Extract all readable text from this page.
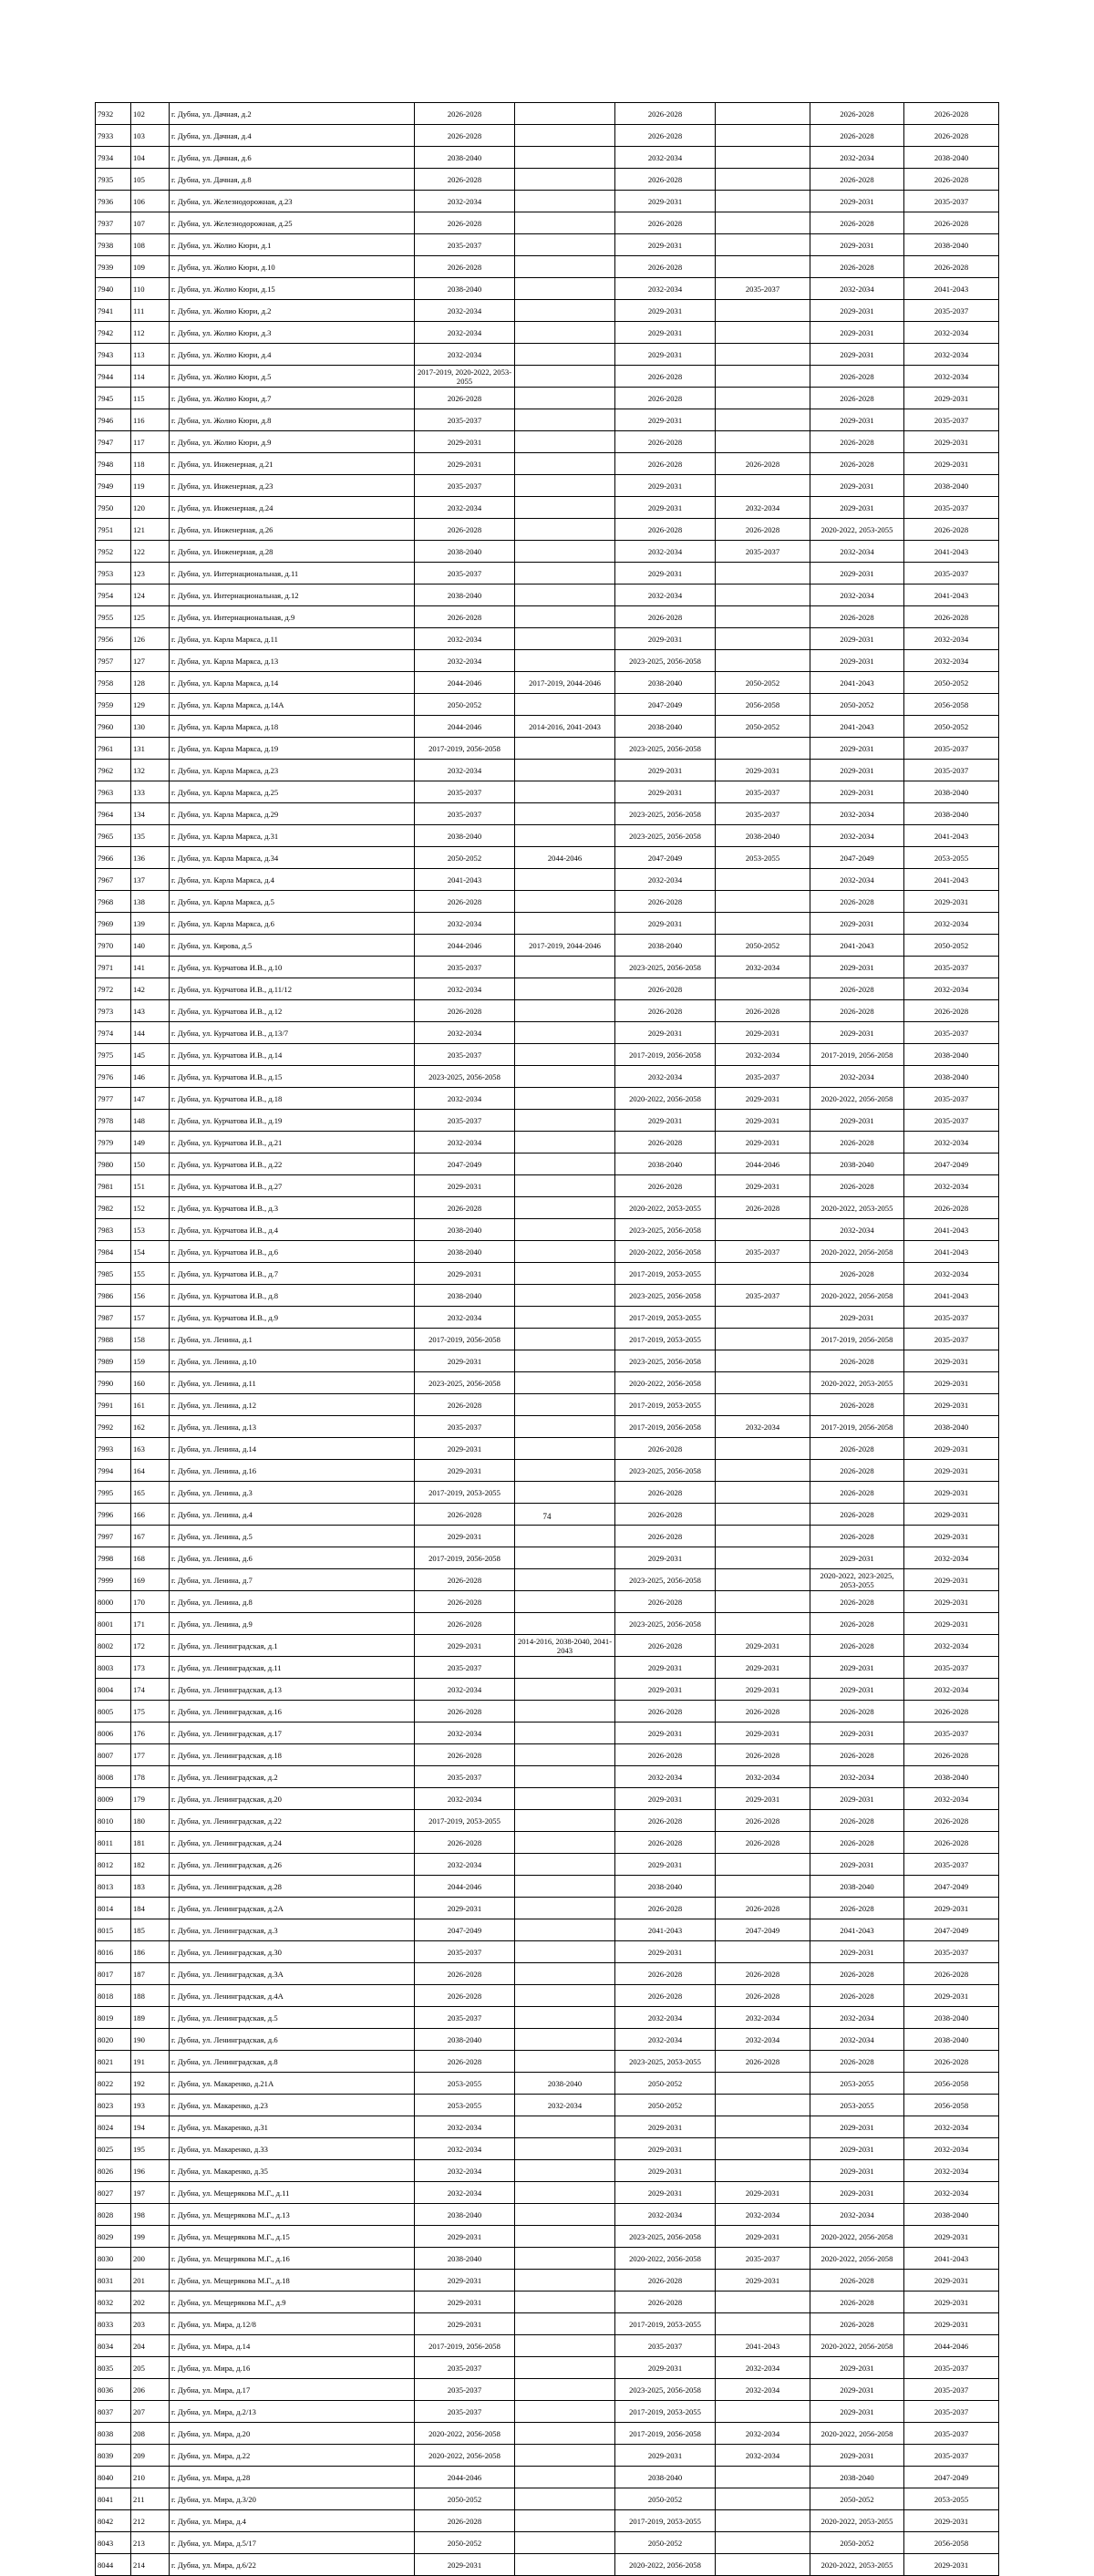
7932	102	г. Дубна, ул. Дачная, д.2	2026-2028		2026-2028		2026-2028	2026-2028
7933	103	г. Дубна, ул. Дачная, д.4	2026-2028		2026-2028		2026-2028	2026-2028
7934	104	г. Дубна, ул. Дачная, д.6	2038-2040		2032-2034		2032-2034	2038-2040
7935	105	г. Дубна, ул. Дачная, д.8	2026-2028		2026-2028		2026-2028	2026-2028
7936	106	г. Дубна, ул. Железнодорожная, д.23	2032-2034		2029-2031		2029-2031	2035-2037
7937	107	г. Дубна, ул. Железнодорожная, д.25	2026-2028		2026-2028		2026-2028	2026-2028
7938	108	г. Дубна, ул. Жолио Кюри, д.1	2035-2037		2029-2031		2029-2031	2038-2040
7939	109	г. Дубна, ул. Жолио Кюри, д.10	2026-2028		2026-2028		2026-2028	2026-2028
7940	110	г. Дубна, ул. Жолио Кюри, д.15	2038-2040		2032-2034	2035-2037	2032-2034	2041-2043
7941	111	г. Дубна, ул. Жолио Кюри, д.2	2032-2034		2029-2031		2029-2031	2035-2037
7942	112	г. Дубна, ул. Жолио Кюри, д.3	2032-2034		2029-2031		2029-2031	2032-2034
7943	113	г. Дубна, ул. Жолио Кюри, д.4	2032-2034		2029-2031		2029-2031	2032-2034
7944	114	г. Дубна, ул. Жолио Кюри, д.5	2017-2019, 2020-2022, 2053-2055		2026-2028		2026-2028	2032-2034
7945	115	г. Дубна, ул. Жолио Кюри, д.7	2026-2028		2026-2028		2026-2028	2029-2031
7946	116	г. Дубна, ул. Жолио Кюри, д.8	2035-2037		2029-2031		2029-2031	2035-2037
7947	117	г. Дубна, ул. Жолио Кюри, д.9	2029-2031		2026-2028		2026-2028	2029-2031
7948	118	г. Дубна, ул. Инженерная, д.21	2029-2031		2026-2028	2026-2028	2026-2028	2029-2031
7949	119	г. Дубна, ул. Инженерная, д.23	2035-2037		2029-2031		2029-2031	2038-2040
7950	120	г. Дубна, ул. Инженерная, д.24	2032-2034		2029-2031	2032-2034	2029-2031	2035-2037
7951	121	г. Дубна, ул. Инженерная, д.26	2026-2028		2026-2028	2026-2028	2020-2022, 2053-2055	2026-2028
7952	122	г. Дубна, ул. Инженерная, д.28	2038-2040		2032-2034	2035-2037	2032-2034	2041-2043
7953	123	г. Дубна, ул. Интернациональная, д.11	2035-2037		2029-2031		2029-2031	2035-2037
7954	124	г. Дубна, ул. Интернациональная, д.12	2038-2040		2032-2034		2032-2034	2041-2043
7955	125	г. Дубна, ул. Интернациональная, д.9	2026-2028		2026-2028		2026-2028	2026-2028
7956	126	г. Дубна, ул. Карла Маркса, д.11	2032-2034		2029-2031		2029-2031	2032-2034
7957	127	г. Дубна, ул. Карла Маркса, д.13	2032-2034		2023-2025, 2056-2058		2029-2031	2032-2034
7958	128	г. Дубна, ул. Карла Маркса, д.14	2044-2046	2017-2019, 2044-2046	2038-2040	2050-2052	2041-2043	2050-2052
7959	129	г. Дубна, ул. Карла Маркса, д.14А	2050-2052		2047-2049	2056-2058	2050-2052	2056-2058
7960	130	г. Дубна, ул. Карла Маркса, д.18	2044-2046	2014-2016, 2041-2043	2038-2040	2050-2052	2041-2043	2050-2052
7961	131	г. Дубна, ул. Карла Маркса, д.19	2017-2019, 2056-2058		2023-2025, 2056-2058		2029-2031	2035-2037
7962	132	г. Дубна, ул. Карла Маркса, д.23	2032-2034		2029-2031	2029-2031	2029-2031	2035-2037
7963	133	г. Дубна, ул. Карла Маркса, д.25	2035-2037		2029-2031	2035-2037	2029-2031	2038-2040
7964	134	г. Дубна, ул. Карла Маркса, д.29	2035-2037		2023-2025, 2056-2058	2035-2037	2032-2034	2038-2040
7965	135	г. Дубна, ул. Карла Маркса, д.31	2038-2040		2023-2025, 2056-2058	2038-2040	2032-2034	2041-2043
7966	136	г. Дубна, ул. Карла Маркса, д.34	2050-2052	2044-2046	2047-2049	2053-2055	2047-2049	2053-2055
7967	137	г. Дубна, ул. Карла Маркса, д.4	2041-2043		2032-2034		2032-2034	2041-2043
7968	138	г. Дубна, ул. Карла Маркса, д.5	2026-2028		2026-2028		2026-2028	2029-2031
7969	139	г. Дубна, ул. Карла Маркса, д.6	2032-2034		2029-2031		2029-2031	2032-2034
7970	140	г. Дубна, ул. Кирова, д.5	2044-2046	2017-2019, 2044-2046	2038-2040	2050-2052	2041-2043	2050-2052
7971	141	г. Дубна, ул. Курчатова И.В., д.10	2035-2037		2023-2025, 2056-2058	2032-2034	2029-2031	2035-2037
7972	142	г. Дубна, ул. Курчатова И.В., д.11/12	2032-2034		2026-2028		2026-2028	2032-2034
7973	143	г. Дубна, ул. Курчатова И.В., д.12	2026-2028		2026-2028	2026-2028	2026-2028	2026-2028
7974	144	г. Дубна, ул. Курчатова И.В., д.13/7	2032-2034		2029-2031	2029-2031	2029-2031	2035-2037
7975	145	г. Дубна, ул. Курчатова И.В., д.14	2035-2037		2017-2019, 2056-2058	2032-2034	2017-2019, 2056-2058	2038-2040
7976	146	г. Дубна, ул. Курчатова И.В., д.15	2023-2025, 2056-2058		2032-2034	2035-2037	2032-2034	2038-2040
7977	147	г. Дубна, ул. Курчатова И.В., д.18	2032-2034		2020-2022, 2056-2058	2029-2031	2020-2022, 2056-2058	2035-2037
7978	148	г. Дубна, ул. Курчатова И.В., д.19	2035-2037		2029-2031	2029-2031	2029-2031	2035-2037
7979	149	г. Дубна, ул. Курчатова И.В., д.21	2032-2034		2026-2028	2029-2031	2026-2028	2032-2034
7980	150	г. Дубна, ул. Курчатова И.В., д.22	2047-2049		2038-2040	2044-2046	2038-2040	2047-2049
7981	151	г. Дубна, ул. Курчатова И.В., д.27	2029-2031		2026-2028	2029-2031	2026-2028	2032-2034
7982	152	г. Дубна, ул. Курчатова И.В., д.3	2026-2028		2020-2022, 2053-2055	2026-2028	2020-2022, 2053-2055	2026-2028
7983	153	г. Дубна, ул. Курчатова И.В., д.4	2038-2040		2023-2025, 2056-2058		2032-2034	2041-2043
7984	154	г. Дубна, ул. Курчатова И.В., д.6	2038-2040		2020-2022, 2056-2058	2035-2037	2020-2022, 2056-2058	2041-2043
7985	155	г. Дубна, ул. Курчатова И.В., д.7	2029-2031		2017-2019, 2053-2055		2026-2028	2032-2034
7986	156	г. Дубна, ул. Курчатова И.В., д.8	2038-2040		2023-2025, 2056-2058	2035-2037	2020-2022, 2056-2058	2041-2043
7987	157	г. Дубна, ул. Курчатова И.В., д.9	2032-2034		2017-2019, 2053-2055		2029-2031	2035-2037
7988	158	г. Дубна, ул. Ленина, д.1	2017-2019, 2056-2058		2017-2019, 2053-2055		2017-2019, 2056-2058	2035-2037
7989	159	г. Дубна, ул. Ленина, д.10	2029-2031		2023-2025, 2056-2058		2026-2028	2029-2031
7990	160	г. Дубна, ул. Ленина, д.11	2023-2025, 2056-2058		2020-2022, 2056-2058		2020-2022, 2053-2055	2029-2031
7991	161	г. Дубна, ул. Ленина, д.12	2026-2028		2017-2019, 2053-2055		2026-2028	2029-2031
7992	162	г. Дубна, ул. Ленина, д.13	2035-2037		2017-2019, 2056-2058	2032-2034	2017-2019, 2056-2058	2038-2040
7993	163	г. Дубна, ул. Ленина, д.14	2029-2031		2026-2028		2026-2028	2029-2031
7994	164	г. Дубна, ул. Ленина, д.16	2029-2031		2023-2025, 2056-2058		2026-2028	2029-2031
7995	165	г. Дубна, ул. Ленина, д.3	2017-2019, 2053-2055		2026-2028		2026-2028	2029-2031
7996	166	г. Дубна, ул. Ленина, д.4	2026-2028		2026-2028		2026-2028	2029-2031
7997	167	г. Дубна, ул. Ленина, д.5	2029-2031		2026-2028		2026-2028	2029-2031
7998	168	г. Дубна, ул. Ленина, д.6	2017-2019, 2056-2058		2029-2031		2029-2031	2032-2034
7999	169	г. Дубна, ул. Ленина, д.7	2026-2028		2023-2025, 2056-2058		2020-2022, 2023-2025, 2053-2055	2029-2031
8000	170	г. Дубна, ул. Ленина, д.8	2026-2028		2026-2028		2026-2028	2029-2031
8001	171	г. Дубна, ул. Ленина, д.9	2026-2028		2023-2025, 2056-2058		2026-2028	2029-2031
8002	172	г. Дубна, ул. Ленинградская, д.1	2029-2031	2014-2016, 2038-2040, 2041-2043	2026-2028	2029-2031	2026-2028	2032-2034
8003	173	г. Дубна, ул. Ленинградская, д.11	2035-2037		2029-2031	2029-2031	2029-2031	2035-2037
8004	174	г. Дубна, ул. Ленинградская, д.13	2032-2034		2029-2031	2029-2031	2029-2031	2032-2034
8005	175	г. Дубна, ул. Ленинградская, д.16	2026-2028		2026-2028	2026-2028	2026-2028	2026-2028
8006	176	г. Дубна, ул. Ленинградская, д.17	2032-2034		2029-2031	2029-2031	2029-2031	2035-2037
8007	177	г. Дубна, ул. Ленинградская, д.18	2026-2028		2026-2028	2026-2028	2026-2028	2026-2028
8008	178	г. Дубна, ул. Ленинградская, д.2	2035-2037		2032-2034	2032-2034	2032-2034	2038-2040
8009	179	г. Дубна, ул. Ленинградская, д.20	2032-2034		2029-2031	2029-2031	2029-2031	2032-2034
8010	180	г. Дубна, ул. Ленинградская, д.22	2017-2019, 2053-2055		2026-2028	2026-2028	2026-2028	2026-2028
8011	181	г. Дубна, ул. Ленинградская, д.24	2026-2028		2026-2028	2026-2028	2026-2028	2026-2028
8012	182	г. Дубна, ул. Ленинградская, д.26	2032-2034		2029-2031		2029-2031	2035-2037
8013	183	г. Дубна, ул. Ленинградская, д.28	2044-2046		2038-2040		2038-2040	2047-2049
8014	184	г. Дубна, ул. Ленинградская, д.2А	2029-2031		2026-2028	2026-2028	2026-2028	2029-2031
8015	185	г. Дубна, ул. Ленинградская, д.3	2047-2049		2041-2043	2047-2049	2041-2043	2047-2049
8016	186	г. Дубна, ул. Ленинградская, д.30	2035-2037		2029-2031		2029-2031	2035-2037
8017	187	г. Дубна, ул. Ленинградская, д.3А	2026-2028		2026-2028	2026-2028	2026-2028	2026-2028
8018	188	г. Дубна, ул. Ленинградская, д.4А	2026-2028		2026-2028	2026-2028	2026-2028	2029-2031
8019	189	г. Дубна, ул. Ленинградская, д.5	2035-2037		2032-2034	2032-2034	2032-2034	2038-2040
8020	190	г. Дубна, ул. Ленинградская, д.6	2038-2040		2032-2034	2032-2034	2032-2034	2038-2040
8021	191	г. Дубна, ул. Ленинградская, д.8	2026-2028		2023-2025, 2053-2055	2026-2028	2026-2028	2026-2028
8022	192	г. Дубна, ул. Макаренко, д.21А	2053-2055	2038-2040	2050-2052		2053-2055	2056-2058
8023	193	г. Дубна, ул. Макаренко, д.23	2053-2055	2032-2034	2050-2052		2053-2055	2056-2058
8024	194	г. Дубна, ул. Макаренко, д.31	2032-2034		2029-2031		2029-2031	2032-2034
8025	195	г. Дубна, ул. Макаренко, д.33	2032-2034		2029-2031		2029-2031	2032-2034
8026	196	г. Дубна, ул. Макаренко, д.35	2032-2034		2029-2031		2029-2031	2032-2034
8027	197	г. Дубна, ул. Мещерякова М.Г., д.11	2032-2034		2029-2031	2029-2031	2029-2031	2032-2034
8028	198	г. Дубна, ул. Мещерякова М.Г., д.13	2038-2040		2032-2034	2032-2034	2032-2034	2038-2040
8029	199	г. Дубна, ул. Мещерякова М.Г., д.15	2029-2031		2023-2025, 2056-2058	2029-2031	2020-2022, 2056-2058	2029-2031
8030	200	г. Дубна, ул. Мещерякова М.Г., д.16	2038-2040		2020-2022, 2056-2058	2035-2037	2020-2022, 2056-2058	2041-2043
8031	201	г. Дубна, ул. Мещерякова М.Г., д.18	2029-2031		2026-2028	2029-2031	2026-2028	2029-2031
8032	202	г. Дубна, ул. Мещерякова М.Г., д.9	2029-2031		2026-2028		2026-2028	2029-2031
8033	203	г. Дубна, ул. Мира, д.12/8	2029-2031		2017-2019, 2053-2055		2026-2028	2029-2031
8034	204	г. Дубна, ул. Мира, д.14	2017-2019, 2056-2058		2035-2037	2041-2043	2020-2022, 2056-2058	2044-2046
8035	205	г. Дубна, ул. Мира, д.16	2035-2037		2029-2031	2032-2034	2029-2031	2035-2037
8036	206	г. Дубна, ул. Мира, д.17	2035-2037		2023-2025, 2056-2058	2032-2034	2029-2031	2035-2037
8037	207	г. Дубна, ул. Мира, д.2/13	2035-2037		2017-2019, 2053-2055		2029-2031	2035-2037
8038	208	г. Дубна, ул. Мира, д.20	2020-2022, 2056-2058		2017-2019, 2056-2058	2032-2034	2020-2022, 2056-2058	2035-2037
8039	209	г. Дубна, ул. Мира, д.22	2020-2022, 2056-2058		2029-2031	2032-2034	2029-2031	2035-2037
8040	210	г. Дубна, ул. Мира, д.28	2044-2046		2038-2040		2038-2040	2047-2049
8041	211	г. Дубна, ул. Мира, д.3/20	2050-2052		2050-2052		2050-2052	2053-2055
8042	212	г. Дубна, ул. Мира, д.4	2026-2028		2017-2019, 2053-2055		2020-2022, 2053-2055	2029-2031
8043	213	г. Дубна, ул. Мира, д.5/17	2050-2052		2050-2052		2050-2052	2056-2058
8044	214	г. Дубна, ул. Мира, д.6/22	2029-2031		2020-2022, 2056-2058		2020-2022, 2053-2055	2029-2031
74
